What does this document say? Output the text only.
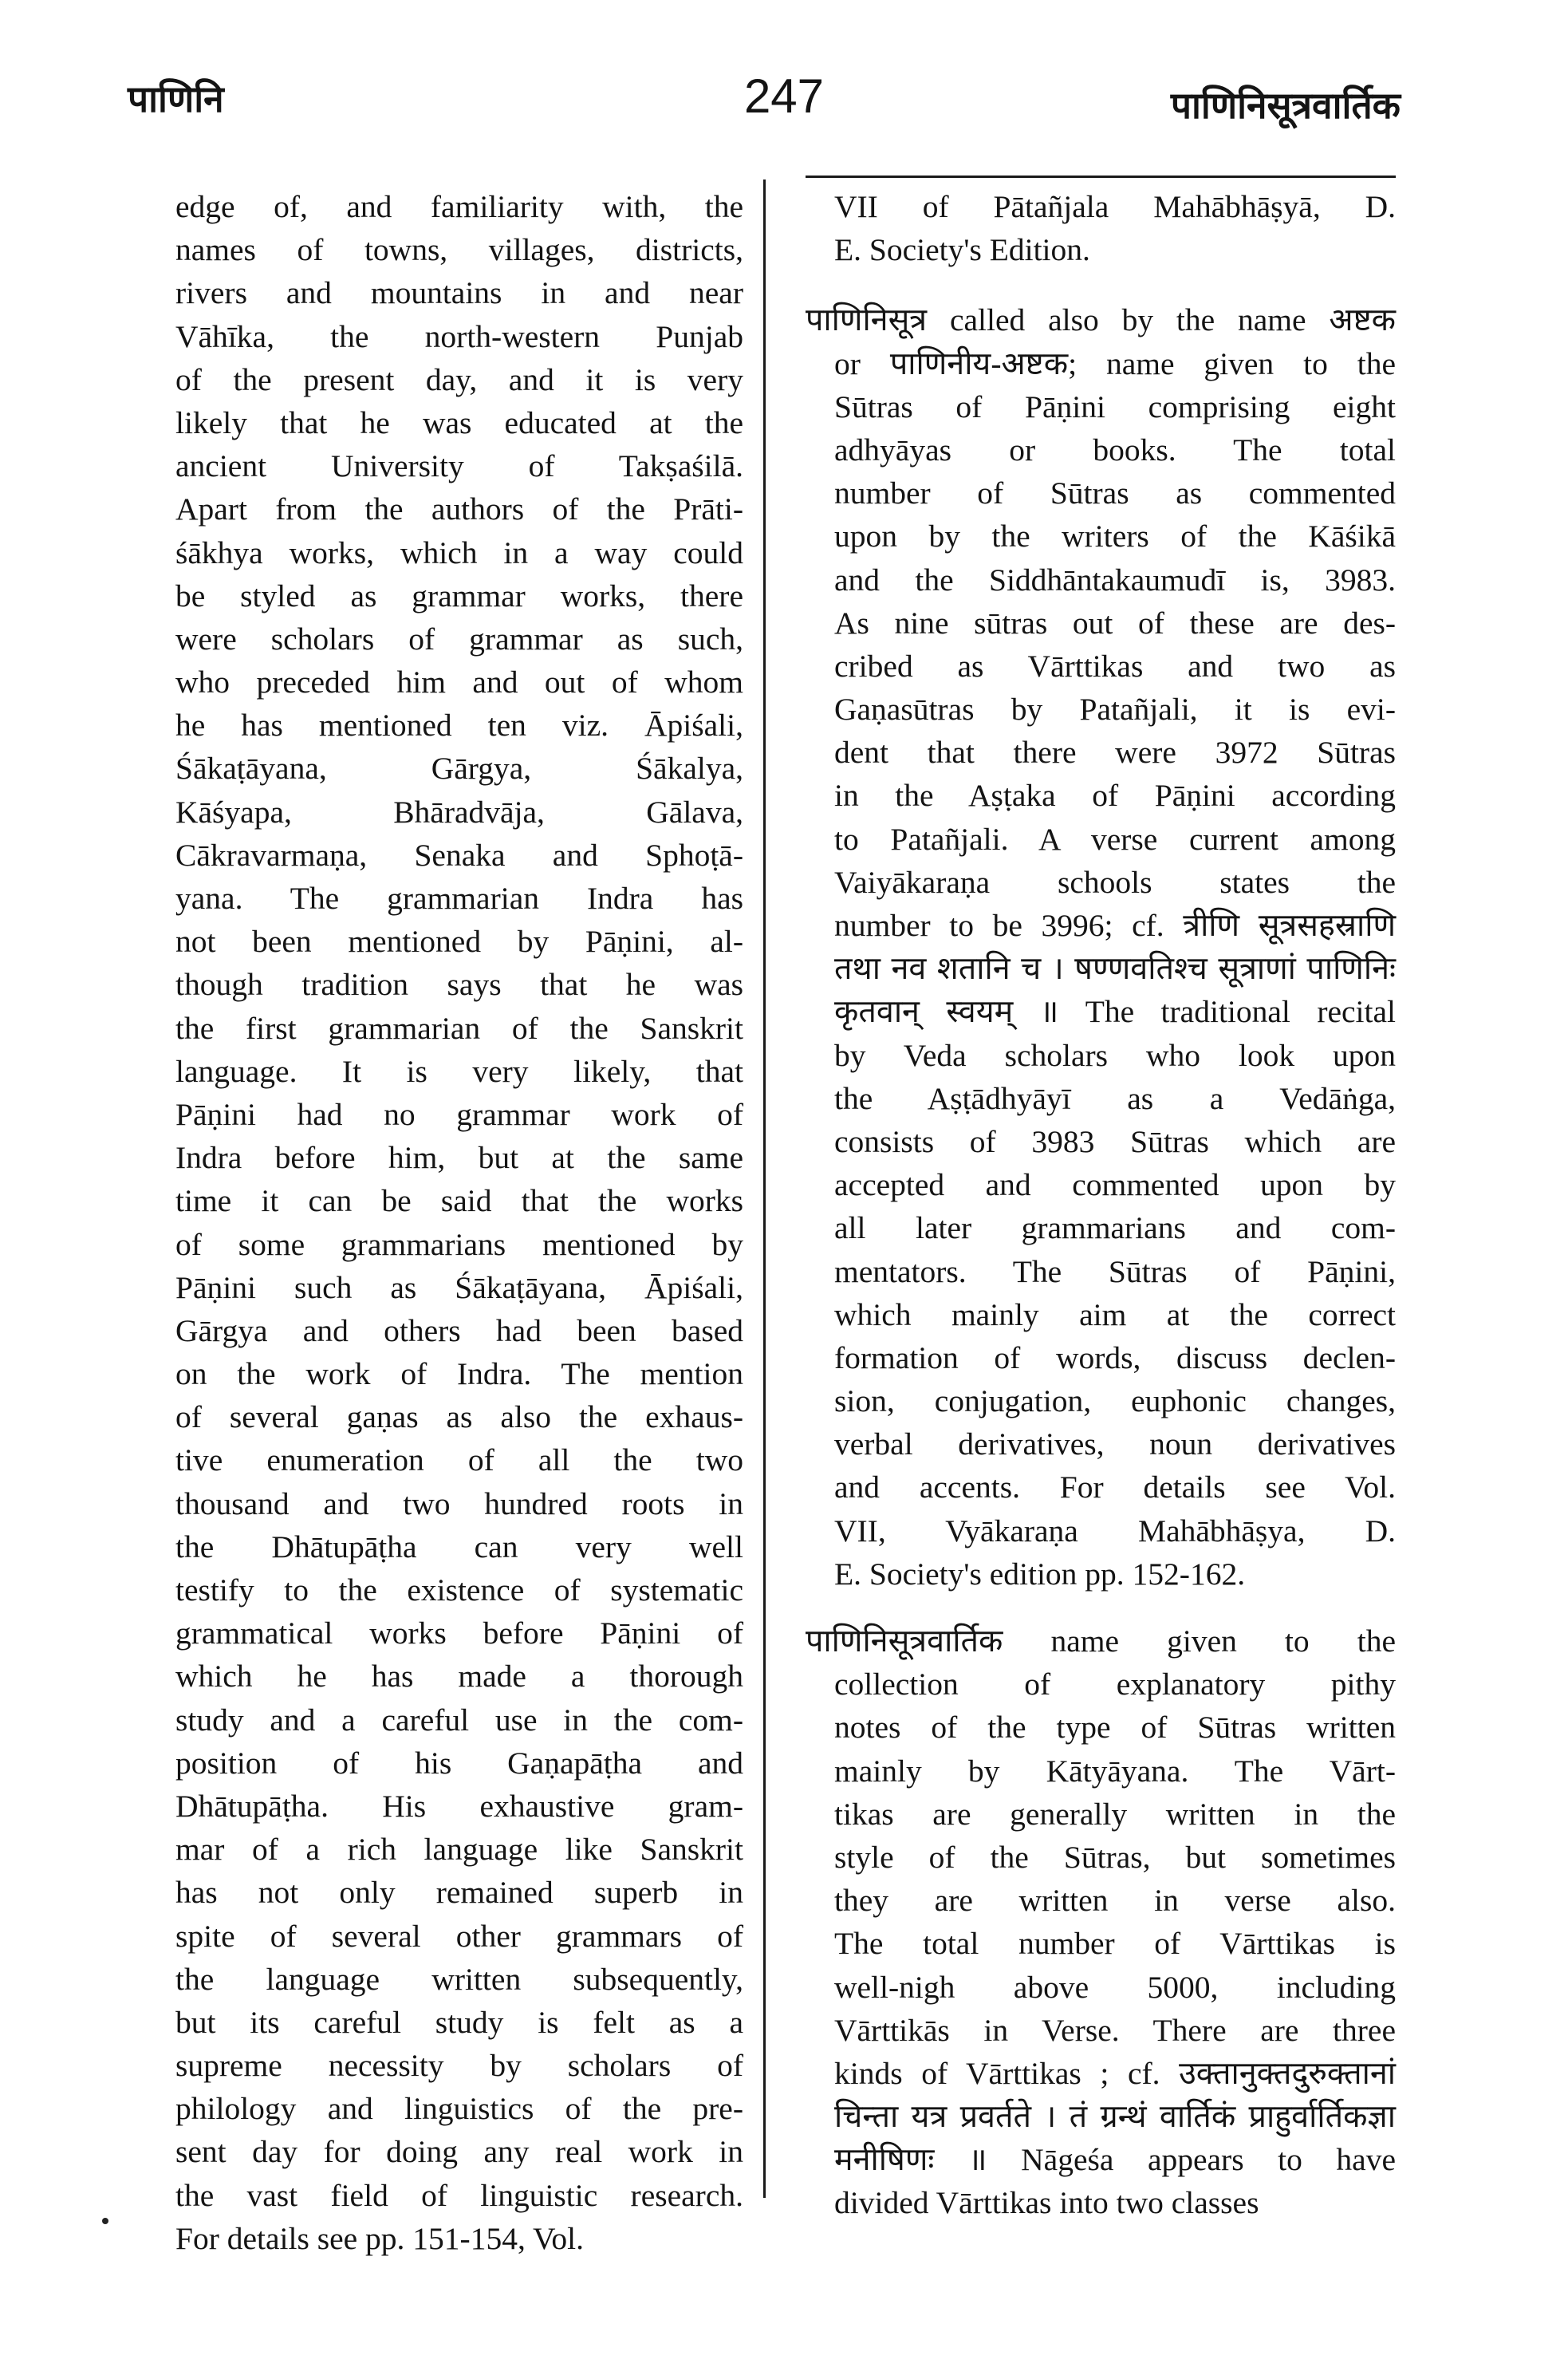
पाणिनि	247	पाणिनिसूत्रवार्तिक
edge of, and familiarity with, the
names of towns, villages, districts,
rivers and mountains in and near
Vāhīka, the north-western Punjab
of the present day, and it is very
likely that he was educated at the
ancient University of Takṣaśilā.
Apart from the authors of the Prāti-
śākhya works, which in a way could
be styled as grammar works, there
were scholars of grammar as such,
who preceded him and out of whom
he has mentioned ten viz. Āpiśali,
Śākaṭāyana, Gārgya, Śākalya,
Kāśyapa, Bhāradvāja, Gālava,
Cākravarmaṇa, Senaka and Sphoṭā-
yana. The grammarian Indra has
not been mentioned by Pāṇini, al-
though tradition says that he was
the first grammarian of the Sanskrit
language. It is very likely, that
Pāṇini had no grammar work of
Indra before him, but at the same
time it can be said that the works
of some grammarians mentioned by
Pāṇini such as Śākaṭāyana, Āpiśali,
Gārgya and others had been based
on the work of Indra. The mention
of several gaṇas as also the exhaus-
tive enumeration of all the two
thousand and two hundred roots in
the Dhātupāṭha can very well
testify to the existence of systematic
grammatical works before Pāṇini of
which he has made a thorough
study and a careful use in the com-
position of his Gaṇapāṭha and
Dhātupāṭha. His exhaustive gram-
mar of a rich language like Sanskrit
has not only remained superb in
spite of several other grammars of
the language written subsequently,
but its careful study is felt as a
supreme necessity by scholars of
philology and linguistics of the pre-
sent day for doing any real work in
the vast field of linguistic research.
For details see pp. 151-154, Vol.
VII of Pātañjala Mahābhāṣyā, D.
E. Society's Edition.
पाणिनिसूत्र called also by the name अष्टक
or पाणिनीय-अष्टक; name given to the
Sūtras of Pāṇini comprising eight
adhyāyas or books. The total
number of Sūtras as commented
upon by the writers of the Kāśikā
and the Siddhāntakaumudī is, 3983.
As nine sūtras out of these are des-
cribed as Vārttikas and two as
Gaṇasūtras by Patañjali, it is evi-
dent that there were 3972 Sūtras
in the Aṣṭaka of Pāṇini according
to Patañjali. A verse current among
Vaiyākaraṇa schools states the
number to be 3996; cf. त्रीणि सूत्रसहस्राणि
तथा नव शतानि च । षण्णवतिश्च सूत्राणां पाणिनिः
कृतवान् स्वयम् ॥ The traditional recital
by Veda scholars who look upon
the Aṣṭādhyāyī as a Vedāṅga,
consists of 3983 Sūtras which are
accepted and commented upon by
all later grammarians and com-
mentators. The Sūtras of Pāṇini,
which mainly aim at the correct
formation of words, discuss declen-
sion, conjugation, euphonic changes,
verbal derivatives, noun derivatives
and accents. For details see Vol.
VII, Vyākaraṇa Mahābhāṣya, D.
E. Society's edition pp. 152-162.
पाणिनिसूत्रवार्तिक name given to the
collection of explanatory pithy
notes of the type of Sūtras written
mainly by Kātyāyana. The Vārt-
tikas are generally written in the
style of the Sūtras, but sometimes
they are written in verse also.
The total number of Vārttikas is
well-nigh above 5000, including
Vārttikās in Verse. There are three
kinds of Vārttikas ; cf. उक्तानुक्तदुरुक्तानां
चिन्ता यत्र प्रवर्तते । तं ग्रन्थं वार्तिकं प्राहुर्वार्तिकज्ञा
मनीषिणः ॥ Nāgeśa appears to have
divided Vārttikas into two classes
